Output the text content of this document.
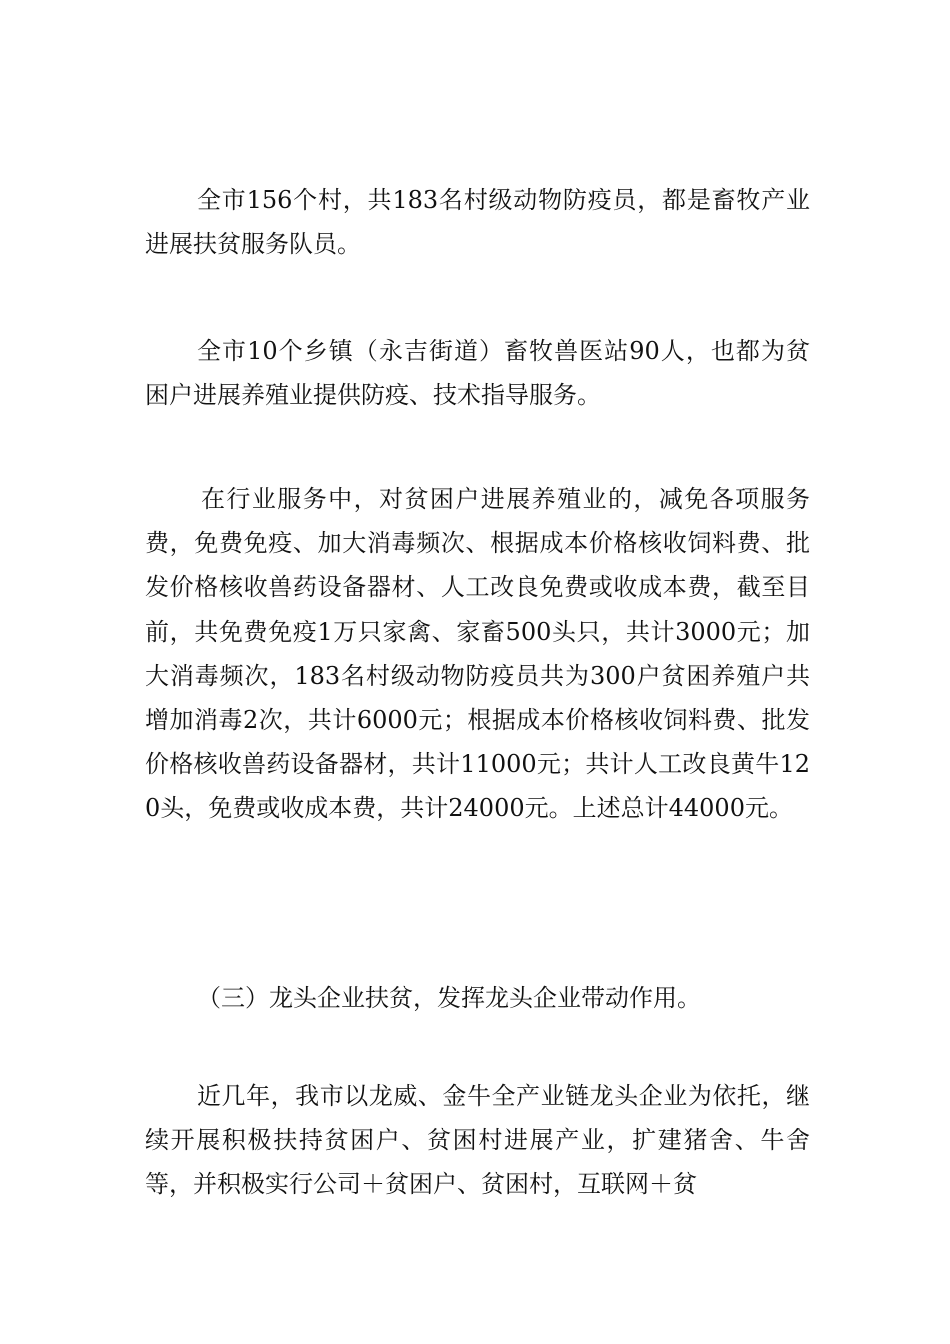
全市156个村，共183名村级动物防疫员，都是畜牧产业进展扶贫服务队员。

全市10个乡镇（永吉街道）畜牧兽医站90人，也都为贫困户进展养殖业提供防疫、技术指导服务。

在行业服务中，对贫困户进展养殖业的，减免各项服务费，免费免疫、加大消毒频次、根据成本价格核收饲料费、批发价格核收兽药设备器材、人工改良免费或收成本费，截至目前，共免费免疫1万只家禽、家畜500头只，共计3000元；加大消毒频次，183名村级动物防疫员共为300户贫困养殖户共增加消毒2次，共计6000元；根据成本价格核收饲料费、批发价格核收兽药设备器材，共计11000元；共计人工改良黄牛120头，免费或收成本费，共计24000元。上述总计44000元。

（三）龙头企业扶贫，发挥龙头企业带动作用。

近几年，我市以龙威、金牛全产业链龙头企业为依托，继续开展积极扶持贫困户、贫困村进展产业，扩建猪舍、牛舍等，并积极实行公司＋贫困户、贫困村，互联网＋贫
